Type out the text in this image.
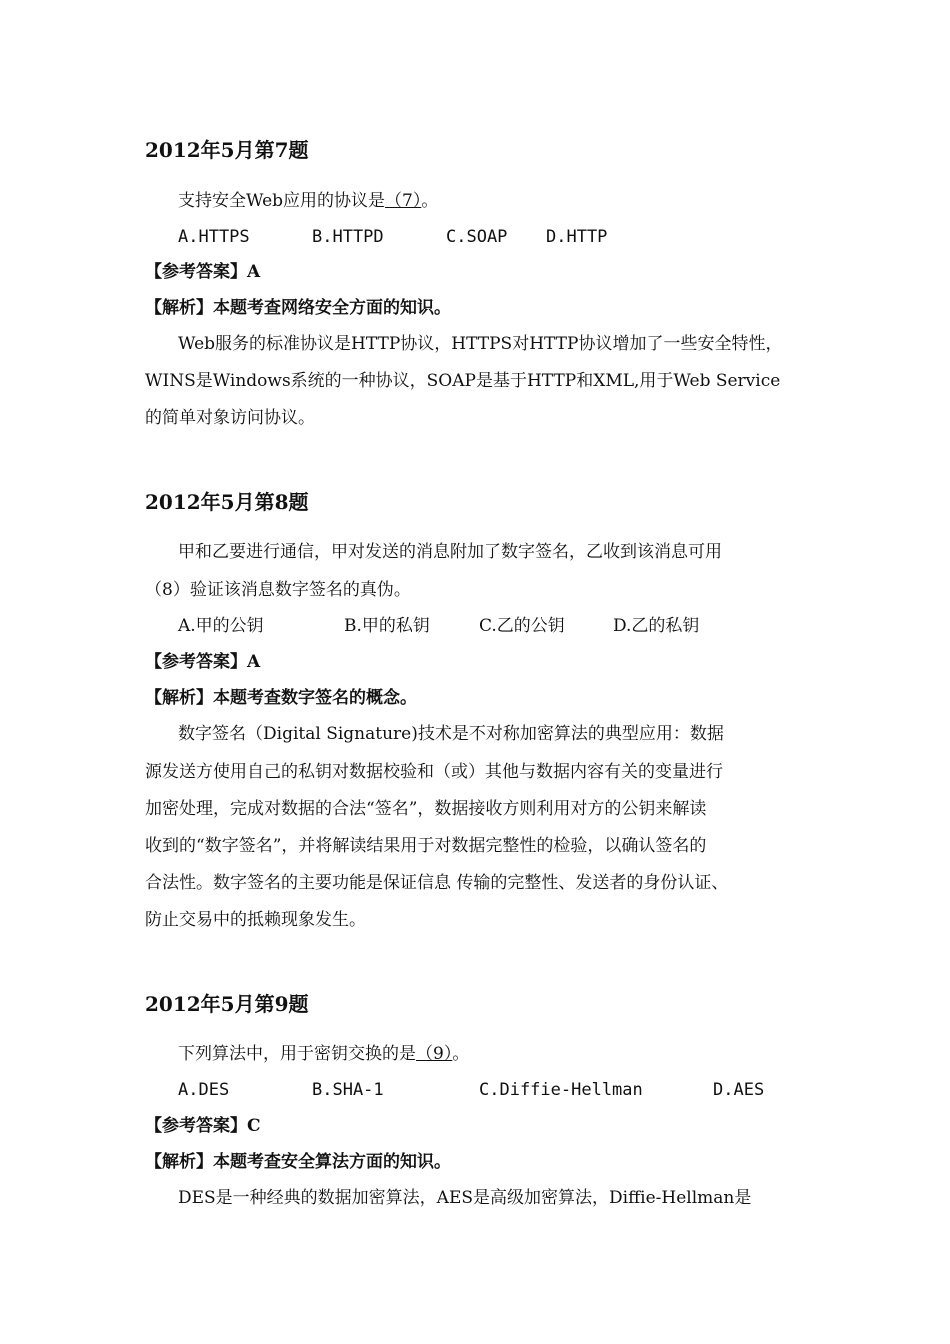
2012年5月第7题
支持安全Web应用的协议是（7）。
A.HTTPS	B.HTTPD	C.SOAP D.HTTP
【参考答案】A
【解析】本题考查网络安全方面的知识。
Web服务的标准协议是HTTP协议，HTTPS对HTTP协议增加了一些安全特性，
WINS是Windows系统的一种协议，SOAP是基于HTTP和XML,用于Web Service
的简单对象访问协议。
2012年5月第8题
甲和乙要进行通信，甲对发送的消息附加了数字签名，乙收到该消息可用
（8）验证该消息数字签名的真伪。
A.甲的公钥	B.甲的私钥	C.乙的公钥	D.乙的私钥
【参考答案】A
【解析】本题考查数字签名的概念。
数字签名（Digital Signature)技术是不对称加密算法的典型应用：数据
源发送方使用自己的私钥对数据校验和（或）其他与数据内容有关的变量进行
加密处理，完成对数据的合法“签名”，数据接收方则利用对方的公钥来解读
收到的“数字签名”，并将解读结果用于对数据完整性的检验，以确认签名的
合法性。数字签名的主要功能是保证信息 传输的完整性、发送者的身份认证、
防止交易中的抵赖现象发生。
2012年5月第9题
下列算法中，用于密钥交换的是（9）。
A.DES	B.SHA-1	C.Diffie-Hellman	D.AES
【参考答案】C
【解析】本题考查安全算法方面的知识。
DES是一种经典的数据加密算法，AES是高级加密算法，Diffie-Hellman是
